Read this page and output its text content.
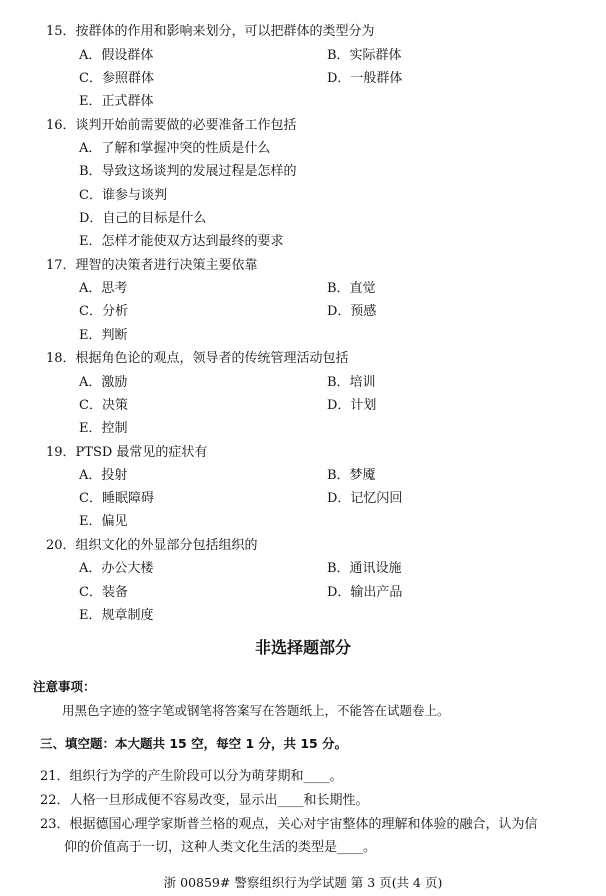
15．按群体的作用和影响来划分，可以把群体的类型分为
A．假设群体	B．实际群体
C．参照群体	D．一般群体
E．正式群体
16．谈判开始前需要做的必要准备工作包括
A．了解和掌握冲突的性质是什么
B．导致这场谈判的发展过程是怎样的
C．谁参与谈判
D．自己的目标是什么
E．怎样才能使双方达到最终的要求
17．理智的决策者进行决策主要依靠
A．思考	B．直觉
C．分析	D．预感
E．判断
18．根据角色论的观点，领导者的传统管理活动包括
A．激励	B．培训
C．决策	D．计划
E．控制
19．PTSD 最常见的症状有
A．投射	B．梦魇
C．睡眠障碍	D．记忆闪回
E．偏见
20．组织文化的外显部分包括组织的
A．办公大楼	B．通讯设施
C．装备	D．输出产品
E．规章制度
非选择题部分
注意事项：
用黑色字迹的签字笔或钢笔将答案写在答题纸上，不能答在试题卷上。
三、填空题：本大题共 15 空，每空 1 分，共 15 分。
21．组织行为学的产生阶段可以分为萌芽期和____。
22．人格一旦形成便不容易改变，显示出____和长期性。
23．根据德国心理学家斯普兰格的观点，关心对宇宙整体的理解和体验的融合，认为信
仰的价值高于一切，这种人类文化生活的类型是____。
浙 00859# 警察组织行为学试题 第 3 页(共 4 页)
